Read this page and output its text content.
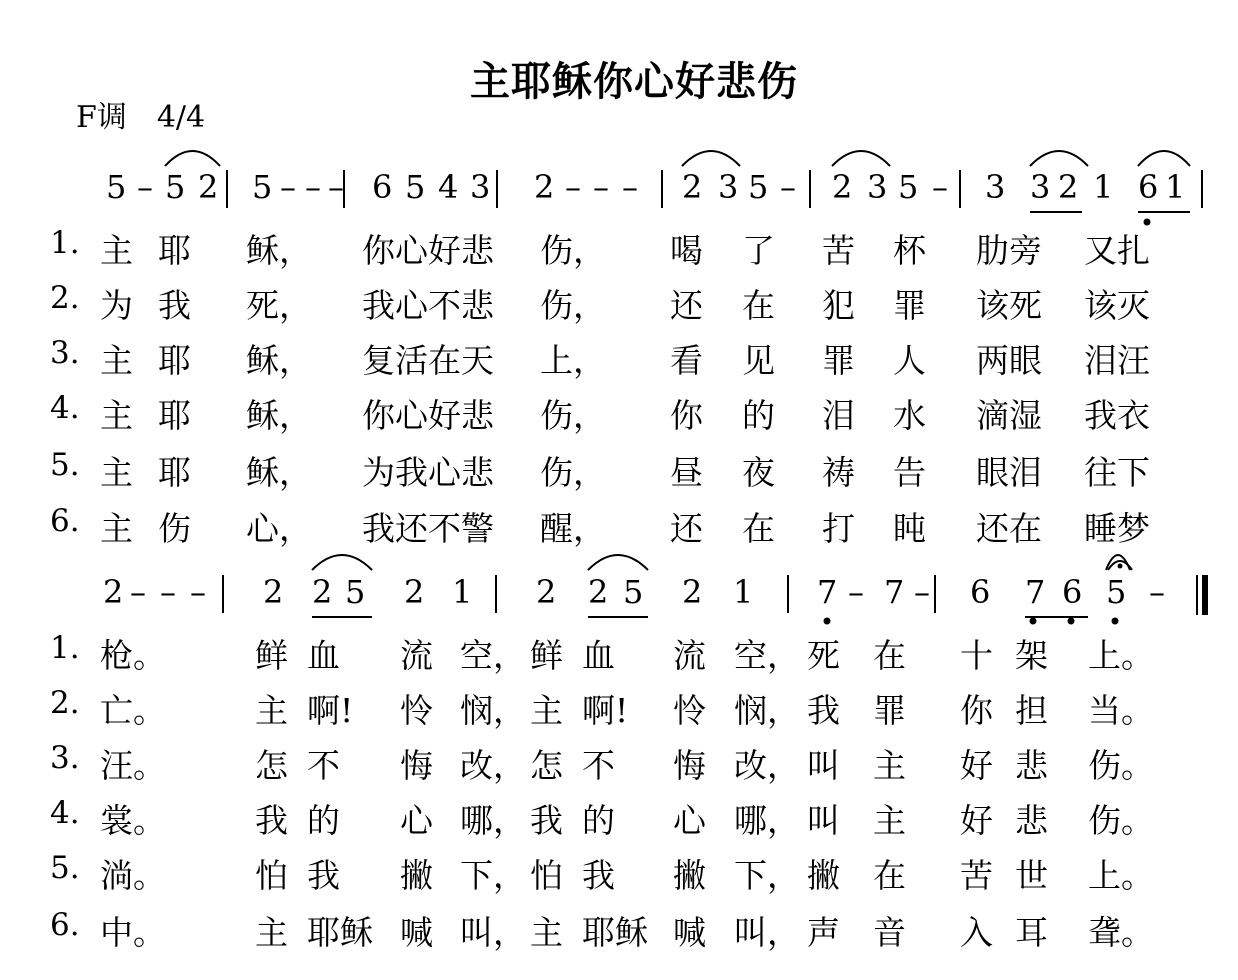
主耶稣你心好悲伤
F调　4/4
5 – 5 2 5 – – – 6 5 4 3 2 – – – 2 3 5 – 2 3 5 – 3 3 2 1 6 1
1. 主 耶 稣， 你心好悲 伤， 喝 了 苦 杯 肋旁 又扎
2. 为 我 死， 我心不悲 伤， 还 在 犯 罪 该死 该灭
3. 主 耶 稣， 复活在天 上， 看 见 罪 人 两眼 泪汪
4. 主 耶 稣， 你心好悲 伤， 你 的 泪 水 滴湿 我衣
5. 主 耶 稣， 为我心悲 伤， 昼 夜 祷 告 眼泪 往下
6. 主 伤 心， 我还不警 醒， 还 在 打 盹 还在 睡梦
2 – – – 2 2 5 2 1 2 2 5 2 1 7 – 7 – 6 7 6 5 –
1. 枪。	鲜 血 流 空， 鲜 血 流 空， 死 在 十 架 上。
2. 亡。	主 啊! 怜 悯， 主 啊! 怜 悯， 我 罪 你 担 当。
3. 汪。	怎 不 悔 改， 怎 不 悔 改， 叫 主 好 悲 伤。
4. 裳。	我 的 心 哪， 我 的 心 哪， 叫 主 好 悲 伤。
5. 淌。	怕 我 撇 下， 怕 我 撇 下， 撇 在 苦 世 上。
6. 中。	主 耶稣 喊 叫， 主 耶稣 喊 叫， 声 音 入 耳 聋。
